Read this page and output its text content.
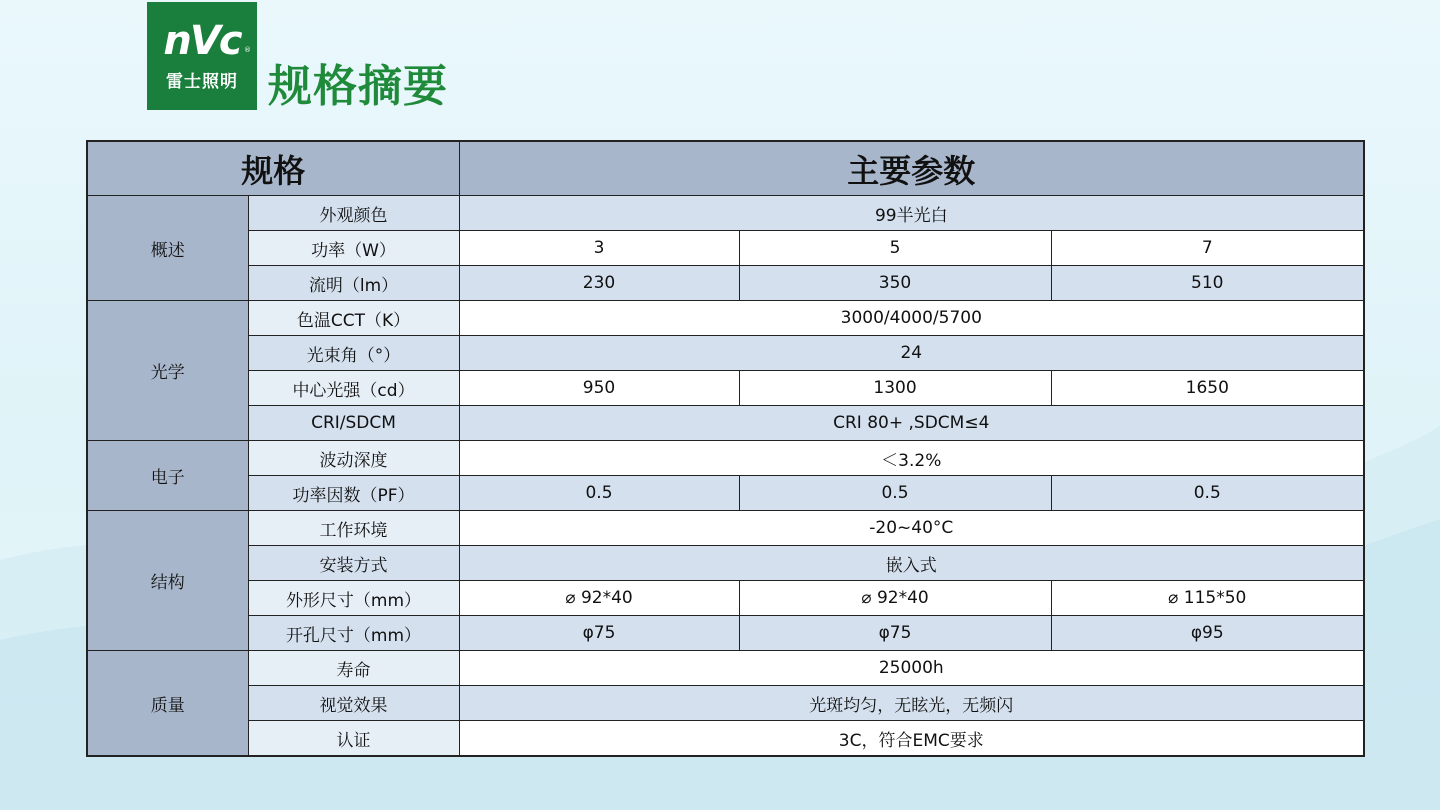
nVc ®
雷士照明 规格摘要
规格		主要参数		
概述	外观颜色	99半光白		
	功率（W）	3	5	7
	流明（lm）	230	350	510
光学	色温CCT（K）	3000/4000/5700		
	光束角（°）	24		
	中心光强（cd）	950	1300	1650
	CRI/SDCM	CRI 80+ ,SDCM≤4		
电子	波动深度	＜3.2%		
	功率因数（PF）	0.5	0.5	0.5
结构	工作环境	-20~40°C		
	安装方式	嵌入式		
	外形尺寸（mm）	⌀ 92*40	⌀ 92*40	⌀ 115*50
	开孔尺寸（mm）	φ75	φ75	φ95
质量	寿命	25000h		
	视觉效果	光斑均匀，无眩光，无频闪		
	认证	3C，符合EMC要求		
